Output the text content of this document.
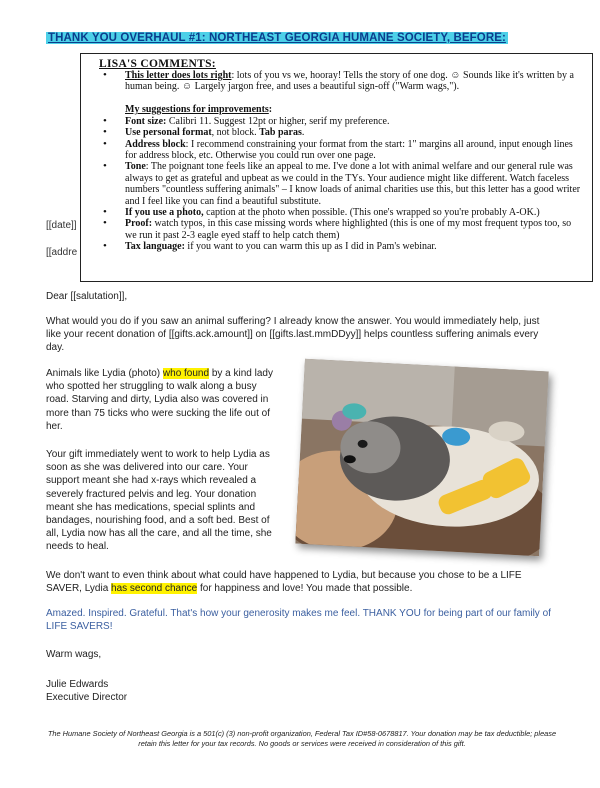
THANK YOU OVERHAUL #1: NORTHEAST GEORGIA HUMANE SOCIETY, BEFORE:
[[date]]
[[addre
LISA'S COMMENTS:
• This letter does lots right: lots of you vs we, hooray! Tells the story of one dog. ☺ Sounds like it's written by a human being. ☺ Largely jargon free, and uses a beautiful sign-off ("Warm wags,").
My suggestions for improvements:
• Font size: Calibri 11. Suggest 12pt or higher, serif my preference.
• Use personal format, not block. Tab paras.
• Address block: I recommend constraining your format from the start: 1" margins all around, input enough lines for address block, etc. Otherwise you could run over one page.
• Tone: The poignant tone feels like an appeal to me. I've done a lot with animal welfare and our general rule was always to get as grateful and upbeat as we could in the TYs. Your audience might like different. Watch faceless numbers "countless suffering animals" – I know loads of animal charities use this, but this letter has a good writer and I feel like you can find a beautiful substitute.
• If you use a photo, caption at the photo when possible. (This one's wrapped so you're probably A-OK.)
• Proof: watch typos, in this case missing words where highlighted (this is one of my most frequent typos too, so we run it past 2-3 eagle eyed staff to help catch them)
• Tax language: if you want to you can warm this up as I did in Pam's webinar.
Dear [[salutation]],
What would you do if you saw an animal suffering? I already know the answer. You would immediately help, just like your recent donation of [[gifts.ack.amount]] on [[gifts.last.mmDDyy]] helps countless suffering animals every day.
Animals like Lydia (photo) who found by a kind lady who spotted her struggling to walk along a busy road. Starving and dirty, Lydia also was covered in more than 75 ticks who were sucking the life out of her.
Your gift immediately went to work to help Lydia as soon as she was delivered into our care. Your support meant she had x-rays which revealed a severely fractured pelvis and leg. Your donation meant she has medications, special splints and bandages, nourishing food, and a soft bed. Best of all, Lydia now has all the care, and all the time, she needs to heal.
We don't want to even think about what could have happened to Lydia, but because you chose to be a LIFE SAVER, Lydia has second chance for happiness and love! You made that possible.
Amazed. Inspired. Grateful. That's how your generosity makes me feel. THANK YOU for being part of our family of LIFE SAVERS!
Warm wags,
Julie Edwards
Executive Director
The Humane Society of Northeast Georgia is a 501(c) (3) non-profit organization, Federal Tax ID#58-0678817. Your donation may be tax deductible; please retain this letter for your tax records. No goods or services were received in consideration of this gift.
